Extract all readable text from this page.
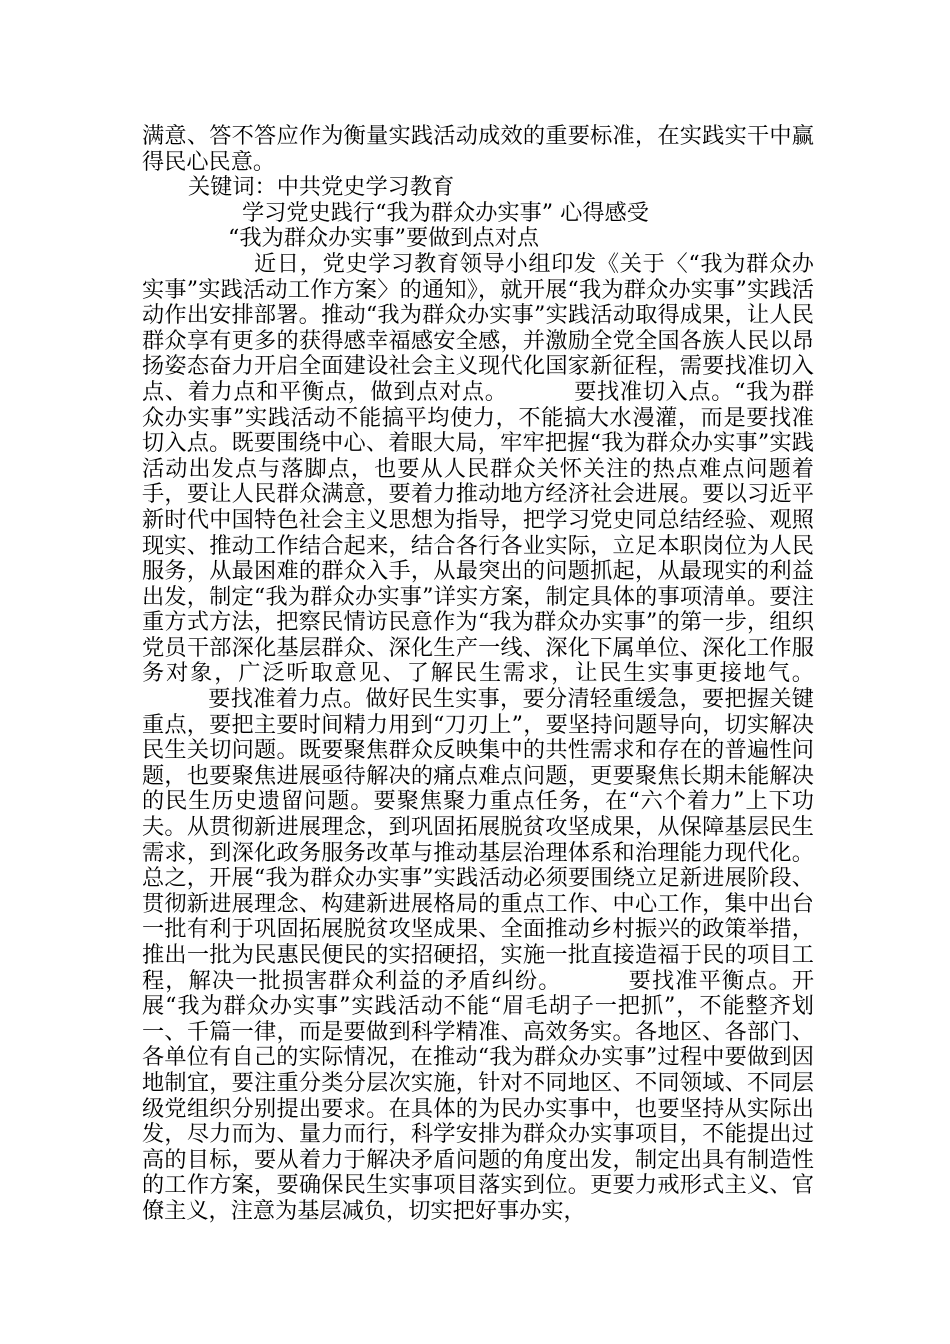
满意、答不答应作为衡量实践活动成效的重要标准，在实践实干中赢得民心民意。

关键词：中共党史学习教育

学习党史践行“我为群众办实事” 心得感受

“我为群众办实事”要做到点对点

近日，党史学习教育领导小组印发《关于〈“我为群众办实事”实践活动工作方案〉的通知》，就开展“我为群众办实事”实践活动作出安排部署。推动“我为群众办实事”实践活动取得成果，让人民群众享有更多的获得感幸福感安全感，并激励全党全国各族人民以昂扬姿态奋力开启全面建设社会主义现代化国家新征程，需要找准切入点、着力点和平衡点，做到点对点。	要找准切入点。“我为群众办实事”实践活动不能搞平均使力，不能搞大水漫灌，而是要找准切入点。既要围绕中心、着眼大局，牢牢把握“我为群众办实事”实践活动出发点与落脚点，也要从人民群众关怀关注的热点难点问题着手，要让人民群众满意，要着力推动地方经济社会进展。要以习近平新时代中国特色社会主义思想为指导，把学习党史同总结经验、观照现实、推动工作结合起来，结合各行各业实际，立足本职岗位为人民服务，从最困难的群众入手，从最突出的问题抓起，从最现实的利益出发，制定“我为群众办实事”详实方案，制定具体的事项清单。要注重方式方法，把察民情访民意作为“我为群众办实事”的第一步，组织党员干部深化基层群众、深化生产一线、深化下属单位、深化工作服务对象，广泛听取意见、了解民生需求，让民生实事更接地气。要找准着力点。做好民生实事，要分清轻重缓急，要把握关键重点，要把主要时间精力用到“刀刃上”，要坚持问题导向，切实解决民生关切问题。既要聚焦群众反映集中的共性需求和存在的普遍性问题，也要聚焦进展亟待解决的痛点难点问题，更要聚焦长期未能解决的民生历史遗留问题。要聚焦聚力重点任务，在“六个着力”上下功夫。从贯彻新进展理念，到巩固拓展脱贫攻坚成果，从保障基层民生需求，到深化政务服务改革与推动基层治理体系和治理能力现代化。总之，开展“我为群众办实事”实践活动必须要围绕立足新进展阶段、贯彻新进展理念、构建新进展格局的重点工作、中心工作，集中出台一批有利于巩固拓展脱贫攻坚成果、全面推动乡村振兴的政策举措，推出一批为民惠民便民的实招硬招，实施一批直接造福于民的项目工程，解决一批损害群众利益的矛盾纠纷。	要找准平衡点。开展“我为群众办实事”实践活动不能“眉毛胡子一把抓”，不能整齐划一、千篇一律，而是要做到科学精准、高效务实。各地区、各部门、各单位有自己的实际情况，在推动“我为群众办实事”过程中要做到因地制宜，要注重分类分层次实施，针对不同地区、不同领域、不同层级党组织分别提出要求。在具体的为民办实事中，也要坚持从实际出发，尽力而为、量力而行，科学安排为群众办实事项目，不能提出过高的目标，要从着力于解决矛盾问题的角度出发，制定出具有制造性的工作方案，要确保民生实事项目落实到位。更要力戒形式主义、官僚主义，注意为基层减负，切实把好事办实，
